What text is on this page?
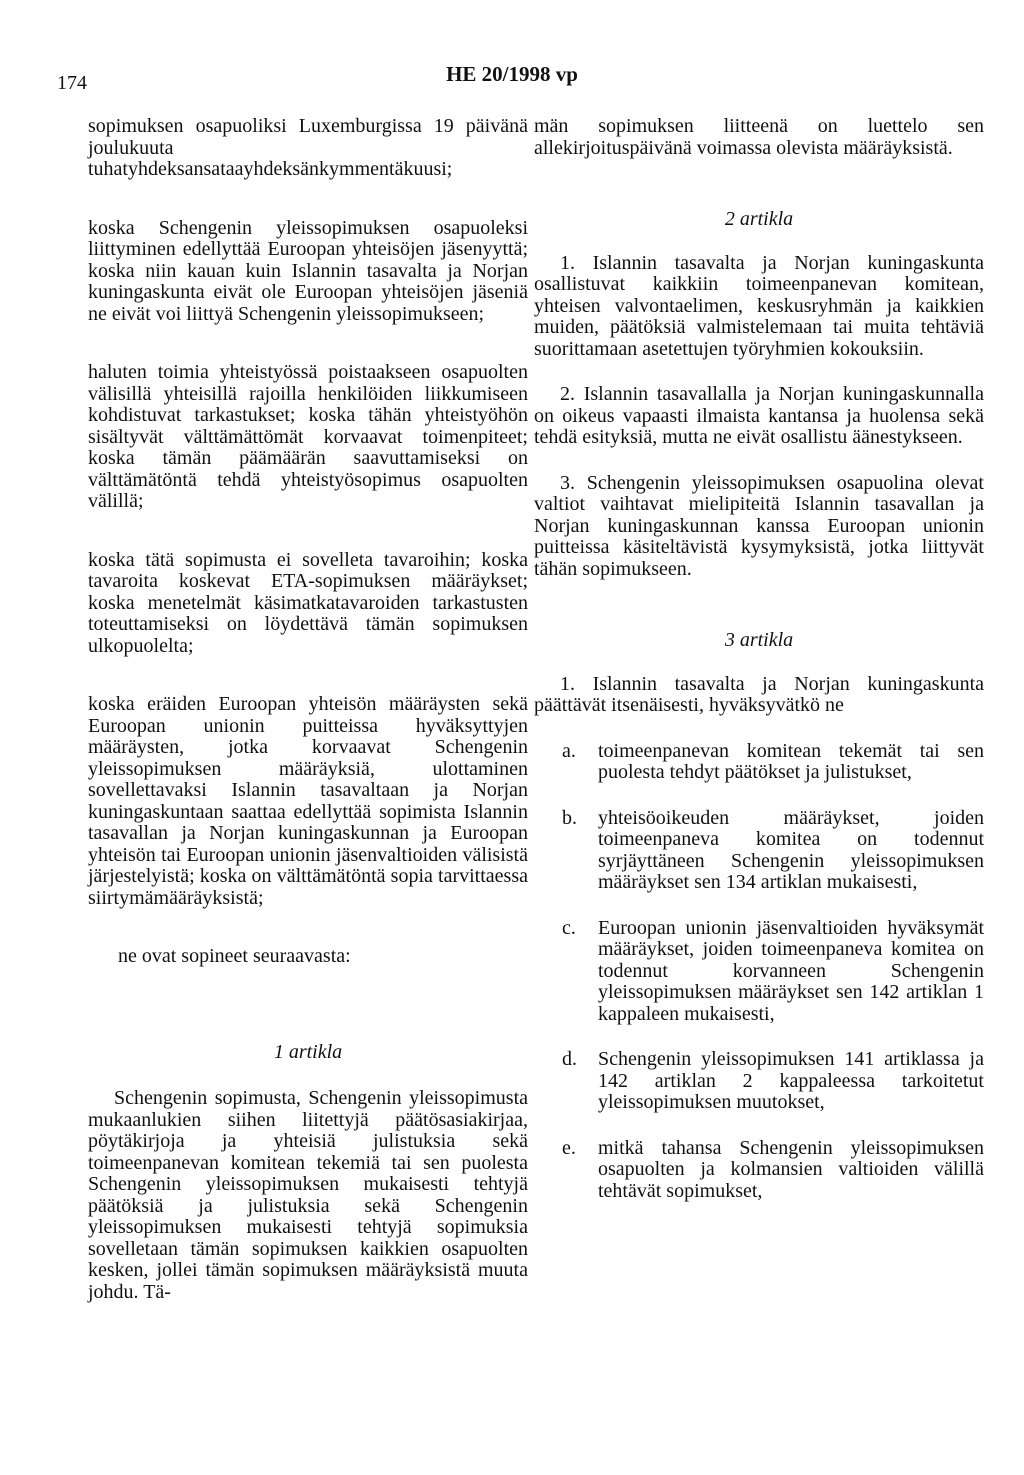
174	HE 20/1998 vp

sopimuksen osapuoliksi Luxemburgissa 19 päivänä joulukuuta tuhatyhdeksansataayhdeksänkymmentäkuusi;

koska Schengenin yleissopimuksen osapuoleksi liittyminen edellyttää Euroopan yhteisöjen jäsenyyttä; koska niin kauan kuin Islannin tasavalta ja Norjan kuningaskunta eivät ole Euroopan yhteisöjen jäseniä ne eivät voi liittyä Schengenin yleissopimukseen;

haluten toimia yhteistyössä poistaakseen osapuolten välisillä yhteisillä rajoilla henkilöiden liikkumiseen kohdistuvat tarkastukset; koska tähän yhteistyöhön sisältyvät välttämättömät korvaavat toimenpiteet; koska tämän päämäärän saavuttamiseksi on välttämätöntä tehdä yhteistyösopimus osapuolten välillä;

koska tätä sopimusta ei sovelleta tavaroihin; koska tavaroita koskevat ETA-sopimuksen määräykset; koska menetelmät käsimatkatavaroiden tarkastusten toteuttamiseksi on löydettävä tämän sopimuksen ulkopuolelta;

koska eräiden Euroopan yhteisön määräysten sekä Euroopan unionin puitteissa hyväksyttyjen määräysten, jotka korvaavat Schengenin yleissopimuksen määräyksiä, ulottaminen sovellettavaksi Islannin tasavaltaan ja Norjan kuningaskuntaan saattaa edellyttää sopimista Islannin tasavallan ja Norjan kuningaskunnan ja Euroopan yhteisön tai Euroopan unionin jäsenvaltioiden välisistä järjestelyistä; koska on välttämätöntä sopia tarvittaessa siirtymämääräyksistä;

ne ovat sopineet seuraavasta:

1 artikla

Schengenin sopimusta, Schengenin yleissopimusta mukaanlukien siihen liitettyjä päätösasiakirjaa, pöytäkirjoja ja yhteisiä julistuksia sekä toimeenpanevan komitean tekemiä tai sen puolesta Schengenin yleissopimuksen mukaisesti tehtyjä päätöksiä ja julistuksia sekä Schengenin yleissopimuksen mukaisesti tehtyjä sopimuksia sovelletaan tämän sopimuksen kaikkien osapuolten kesken, jollei tämän sopimuksen määräyksistä muuta johdu. Tä-

män sopimuksen liitteenä on luettelo sen allekirjoituspäivänä voimassa olevista määräyksistä.

2 artikla

1. Islannin tasavalta ja Norjan kuningaskunta osallistuvat kaikkiin toimeenpanevan komitean, yhteisen valvontaelimen, keskusryhmän ja kaikkien muiden, päätöksiä valmistelemaan tai muita tehtäviä suorittamaan asetettujen työryhmien kokouksiin.

2. Islannin tasavallalla ja Norjan kuningaskunnalla on oikeus vapaasti ilmaista kantansa ja huolensa sekä tehdä esityksiä, mutta ne eivät osallistu äänestykseen.

3. Schengenin yleissopimuksen osapuolina olevat valtiot vaihtavat mielipiteitä Islannin tasavallan ja Norjan kuningaskunnan kanssa Euroopan unionin puitteissa käsiteltävistä kysymyksistä, jotka liittyvät tähän sopimukseen.

3 artikla

1. Islannin tasavalta ja Norjan kuningaskunta päättävät itsenäisesti, hyväksyvätkö ne

a.	toimeenpanevan komitean tekemät tai sen puolesta tehdyt päätökset ja julistukset,
b.	yhteisöoikeuden määräykset, joiden toimeenpaneva komitea on todennut syrjäyttäneen Schengenin yleissopimuksen määräykset sen 134 artiklan mukaisesti,
c.	Euroopan unionin jäsenvaltioiden hyväksymät määräykset, joiden toimeenpaneva komitea on todennut korvanneen Schengenin yleissopimuksen määräykset sen 142 artiklan 1 kappaleen mukaisesti,
d.	Schengenin yleissopimuksen 141 artiklassa ja 142 artiklan 2 kappaleessa tarkoitetut yleissopimuksen muutokset,
e.	mitkä tahansa Schengenin yleissopimuksen osapuolten ja kolmansien valtioiden välillä tehtävät sopimukset,
